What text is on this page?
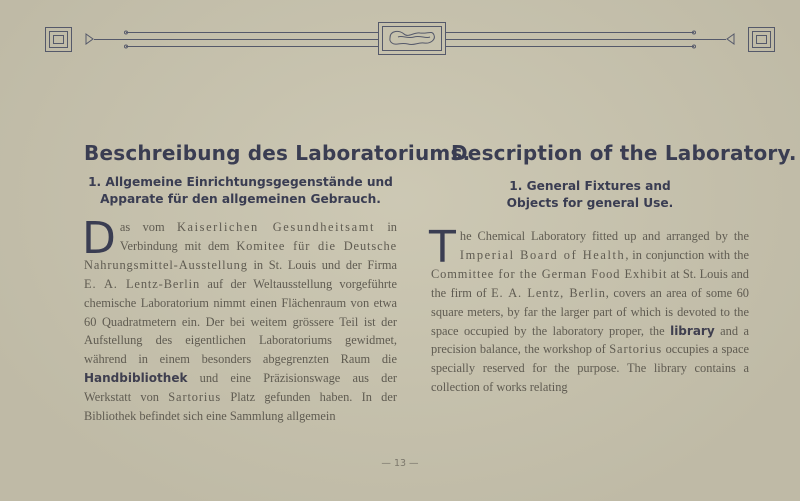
Beschreibung des Laboratoriums.

1. Allgemeine Einrichtungsgegenstände und
Apparate für den allgemeinen Gebrauch.

Das vom Kaiserlichen Gesundheitsamt in Verbindung mit dem Komitee für die Deutsche Nahrungsmittel-Ausstellung in St. Louis und der Firma E. A. Lentz-Berlin auf der Weltausstellung vorgeführte chemische Laboratorium nimmt einen Flächenraum von etwa 60 Quadratmetern ein. Der bei weitem grössere Teil ist der Aufstellung des eigentlichen Laboratoriums gewidmet, während in einem besonders abgegrenzten Raum die Handbibliothek und eine Präzisionswage aus der Werkstatt von Sartorius Platz gefunden haben. In der Bibliothek befindet sich eine Sammlung allgemein

Description of the Laboratory.

1. General Fixtures and
Objects for general Use.

The Chemical Laboratory fitted up and arranged by the Imperial Board of Health, in conjunction with the Committee for the German Food Exhibit at St. Louis and the firm of E. A. Lentz, Berlin, covers an area of some 60 square meters, by far the larger part of which is devoted to the space occupied by the laboratory proper, the library and a precision balance, the workshop of Sartorius occupies a space specially reserved for the purpose. The library contains a collection of works relating

— 13 —
